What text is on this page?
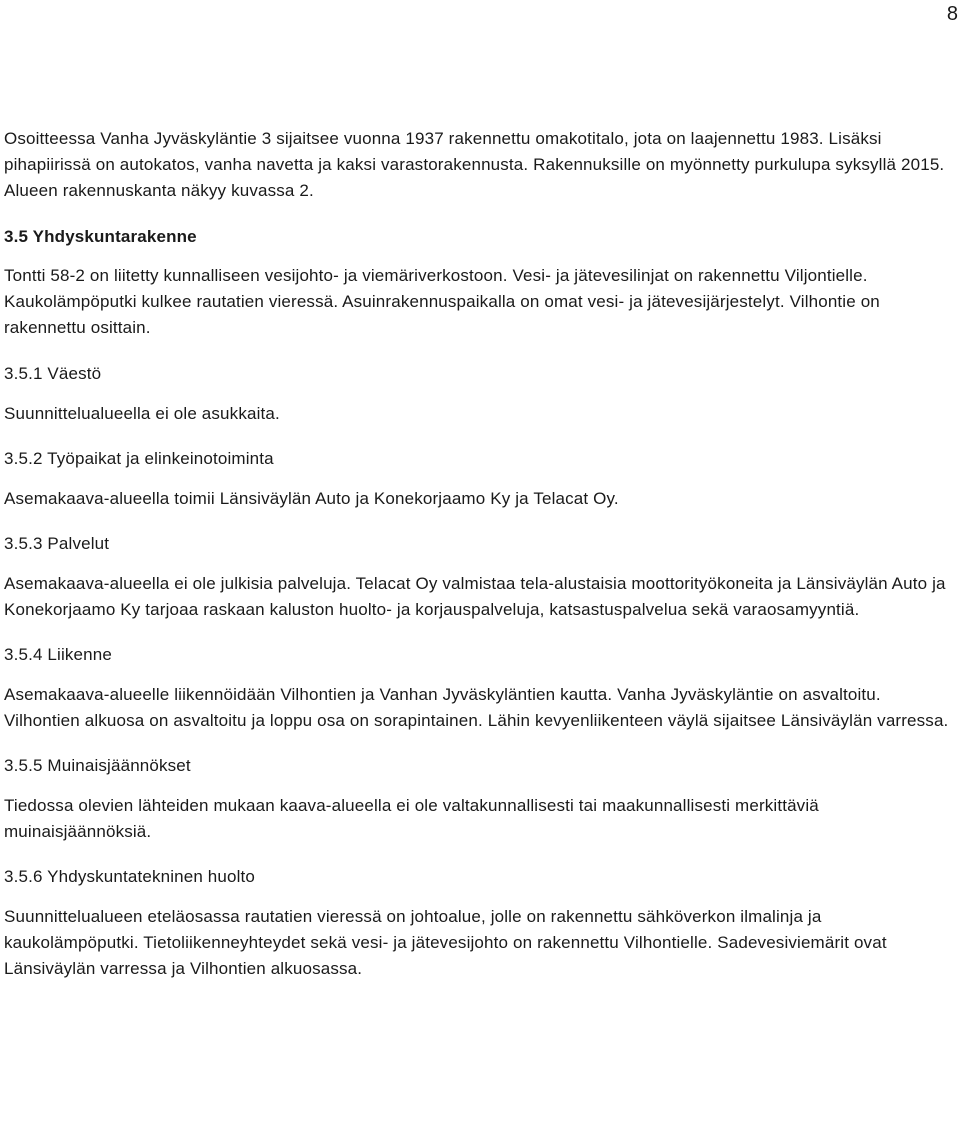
8

Osoitteessa Vanha Jyväskyläntie 3 sijaitsee vuonna 1937 rakennettu omakotitalo, jota on laajennettu 1983. Lisäksi pihapiirissä on autokatos, vanha navetta ja kaksi varastorakennusta. Rakennuksille on myönnetty purkulupa syksyllä 2015. Alueen rakennuskanta näkyy kuvassa 2.

3.5 Yhdyskuntarakenne

Tontti 58-2 on liitetty kunnalliseen vesijohto- ja viemäriverkostoon. Vesi- ja jätevesilinjat on rakennettu Viljontielle. Kaukolämpöputki kulkee rautatien vieressä. Asuinrakennuspaikalla on omat vesi- ja jätevesijärjestelyt. Vilhontie on rakennettu osittain.

3.5.1 Väestö

Suunnittelualueella ei ole asukkaita.

3.5.2 Työpaikat ja elinkeinotoiminta

Asemakaava-alueella toimii Länsiväylän Auto ja Konekorjaamo Ky ja Telacat Oy.

3.5.3 Palvelut

Asemakaava-alueella ei ole julkisia palveluja. Telacat Oy valmistaa tela-alustaisia moottorityökoneita ja Länsiväylän Auto ja Konekorjaamo Ky tarjoaa raskaan kaluston huolto- ja korjauspalveluja, katsastuspalvelua sekä varaosamyyntiä.

3.5.4 Liikenne

Asemakaava-alueelle liikennöidään Vilhontien ja Vanhan Jyväskyläntien kautta. Vanha Jyväskyläntie on asvaltoitu. Vilhontien alkuosa on asvaltoitu ja loppu osa on sorapintainen. Lähin kevyenliikenteen väylä sijaitsee Länsiväylän varressa.

3.5.5 Muinaisjäännökset

Tiedossa olevien lähteiden mukaan kaava-alueella ei ole valtakunnallisesti tai maakunnallisesti merkittäviä muinaisjäännöksiä.

3.5.6 Yhdyskuntatekninen huolto

Suunnittelualueen eteläosassa rautatien vieressä on johtoalue, jolle on rakennettu sähköverkon ilmalinja ja kaukolämpöputki. Tietoliikenneyhteydet sekä vesi- ja jätevesijohto on rakennettu Vilhontielle. Sadevesiviemärit ovat Länsiväylän varressa ja Vilhontien alkuosassa.
